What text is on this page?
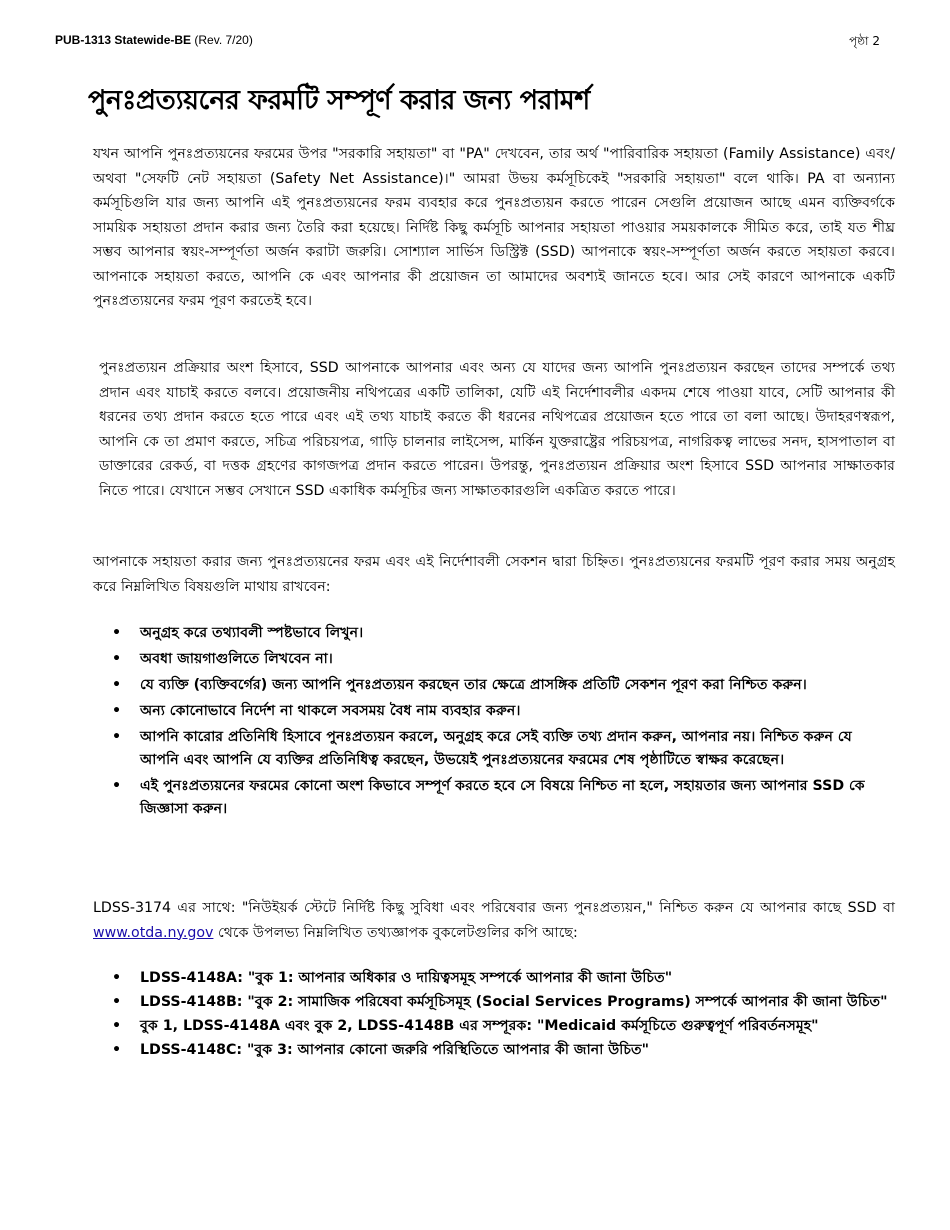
PUB-1313 Statewide-BE (Rev. 7/20)	পৃষ্ঠা 2
পুনঃপ্রত্যয়নের ফরমটি সম্পূর্ণ করার জন্য পরামর্শ

যখন আপনি পুনঃপ্রত্যয়নের ফরমের উপর "সরকারি সহায়তা" বা "PA" দেখবেন, তার অর্থ "পারিবারিক সহায়তা (Family Assistance) এবং/অথবা "সেফটি নেট সহায়তা (Safety Net Assistance)।" আমরা উভয় কর্মসূচিকেই "সরকারি সহায়তা" বলে থাকি। PA বা অন্যান্য কর্মসূচিগুলি যার জন্য আপনি এই পুনঃপ্রত্যয়নের ফরম ব্যবহার করে পুনঃপ্রত্যয়ন করতে পারেন সেগুলি প্রয়োজন আছে এমন ব্যক্তিবর্গকে সাময়িক সহায়তা প্রদান করার জন্য তৈরি করা হয়েছে। নির্দিষ্ট কিছু কর্মসূচি আপনার সহায়তা পাওয়ার সময়কালকে সীমিত করে, তাই যত শীঘ্র সম্ভব আপনার স্বয়ং-সম্পূর্ণতা অর্জন করাটা জরুরি। সোশ্যাল সার্ভিস ডিস্ট্রিক্ট (SSD) আপনাকে স্বয়ং-সম্পূর্ণতা অর্জন করতে সহায়তা করবে। আপনাকে সহায়তা করতে, আপনি কে এবং আপনার কী প্রয়োজন তা আমাদের অবশ্যই জানতে হবে। আর সেই কারণে আপনাকে একটি পুনঃপ্রত্যয়নের ফরম পূরণ করতেই হবে।

পুনঃপ্রত্যয়ন প্রক্রিয়ার অংশ হিসাবে, SSD আপনাকে আপনার এবং অন্য যে যাদের জন্য আপনি পুনঃপ্রত্যয়ন করছেন তাদের সম্পর্কে তথ্য প্রদান এবং যাচাই করতে বলবে। প্রয়োজনীয় নথিপত্রের একটি তালিকা, যেটি এই নির্দেশাবলীর একদম শেষে পাওয়া যাবে, সেটি আপনার কী ধরনের তথ্য প্রদান করতে হতে পারে এবং এই তথ্য যাচাই করতে কী ধরনের নথিপত্রের প্রয়োজন হতে পারে তা বলা আছে। উদাহরণস্বরূপ, আপনি কে তা প্রমাণ করতে, সচিত্র পরিচয়পত্র, গাড়ি চালনার লাইসেন্স, মার্কিন যুক্তরাষ্ট্রের পরিচয়পত্র, নাগরিকত্ব লাভের সনদ, হাসপাতাল বা ডাক্তারের রেকর্ড, বা দত্তক গ্রহণের কাগজপত্র প্রদান করতে পারেন। উপরন্তু, পুনঃপ্রত্যয়ন প্রক্রিয়ার অংশ হিসাবে SSD আপনার সাক্ষাতকার নিতে পারে। যেখানে সম্ভব সেখানে SSD একাধিক কর্মসূচির জন্য সাক্ষাতকারগুলি একত্রিত করতে পারে।

আপনাকে সহায়তা করার জন্য পুনঃপ্রত্যয়নের ফরম এবং এই নির্দেশাবলী সেকশন দ্বারা চিহ্নিত। পুনঃপ্রত্যয়নের ফরমটি পূরণ করার সময় অনুগ্রহ করে নিম্নলিখিত বিষয়গুলি মাথায় রাখবেন:

• অনুগ্রহ করে তথ্যাবলী স্পষ্টভাবে লিখুন।
• অবধা জায়গাগুলিতে লিখবেন না।
• যে ব্যক্তি (ব্যক্তিবর্গের) জন্য আপনি পুনঃপ্রত্যয়ন করছেন তার ক্ষেত্রে প্রাসঙ্গিক প্রতিটি সেকশন পূরণ করা নিশ্চিত করুন।
• অন্য কোনোভাবে নির্দেশ না থাকলে সবসময় বৈধ নাম ব্যবহার করুন।
• আপনি কারোর প্রতিনিধি হিসাবে পুনঃপ্রত্যয়ন করলে, অনুগ্রহ করে সেই ব্যক্তি তথ্য প্রদান করুন, আপনার নয়। নিশ্চিত করুন যে আপনি এবং আপনি যে ব্যক্তির প্রতিনিধিত্ব করছেন, উভয়েই পুনঃপ্রত্যয়নের ফরমের শেষ পৃষ্ঠাটিতে স্বাক্ষর করেছেন।
• এই পুনঃপ্রত্যয়নের ফরমের কোনো অংশ কিভাবে সম্পূর্ণ করতে হবে সে বিষয়ে নিশ্চিত না হলে, সহায়তার জন্য আপনার SSD কে জিজ্ঞাসা করুন।

LDSS-3174 এর সাথে: "নিউইয়র্ক স্টেটে নির্দিষ্ট কিছু সুবিধা এবং পরিষেবার জন্য পুনঃপ্রত্যয়ন," নিশ্চিত করুন যে আপনার কাছে SSD বা www.otda.ny.gov থেকে উপলভ্য নিম্নলিখিত তথ্যজ্ঞাপক বুকলেটগুলির কপি আছে:

• LDSS-4148A: "বুক 1: আপনার অধিকার ও দায়িত্বসমূহ সম্পর্কে আপনার কী জানা উচিত"
• LDSS-4148B: "বুক 2: সামাজিক পরিষেবা কর্মসূচিসমূহ (Social Services Programs) সম্পর্কে আপনার কী জানা উচিত"
• বুক 1, LDSS-4148A এবং বুক 2, LDSS-4148B এর সম্পূরক: "Medicaid কর্মসূচিতে গুরুত্বপূর্ণ পরিবর্তনসমূহ"
• LDSS-4148C: "বুক 3: আপনার কোনো জরুরি পরিস্থিতিতে আপনার কী জানা উচিত"
